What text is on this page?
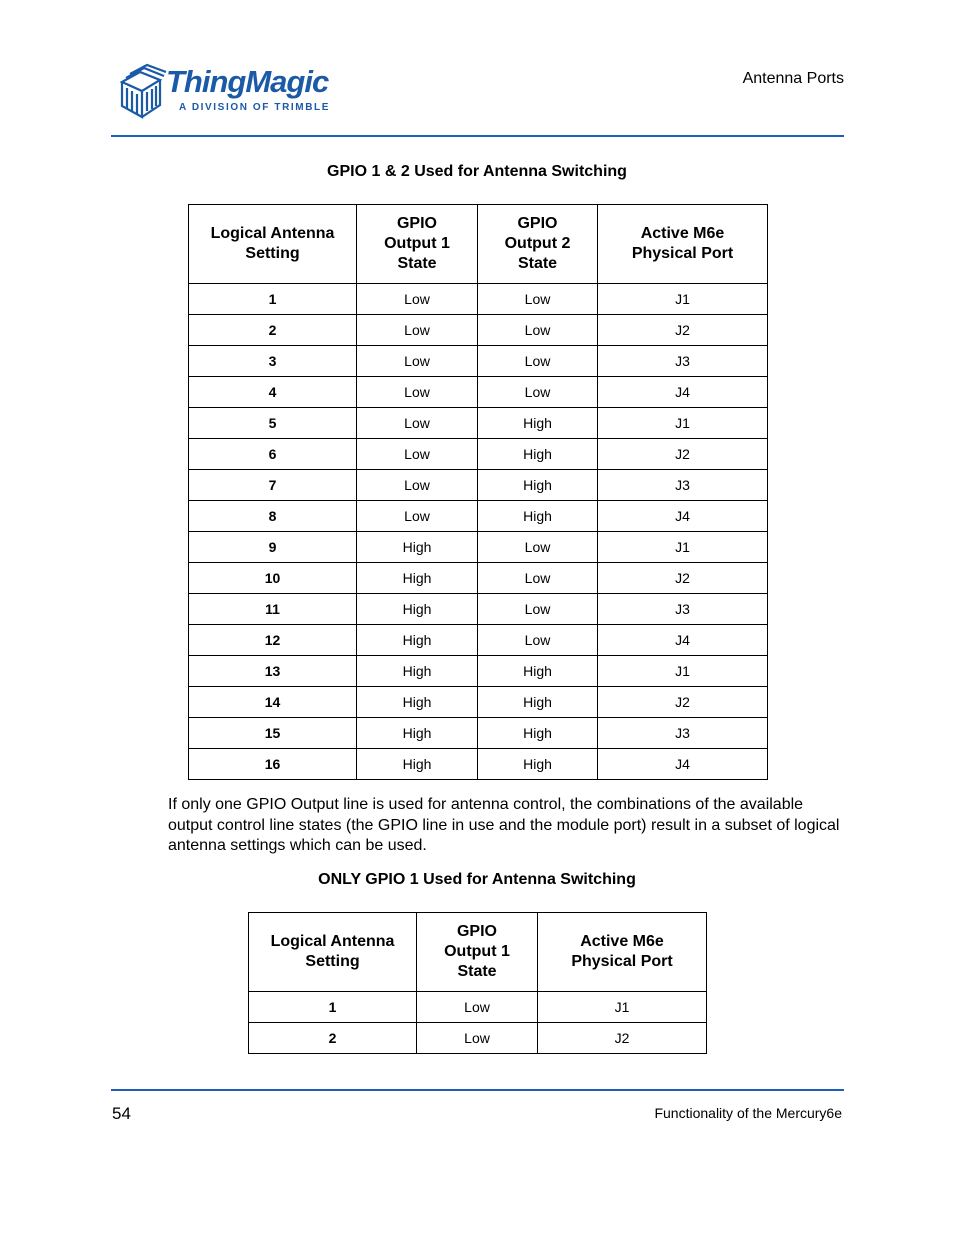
ThingMagic
A DIVISION OF TRIMBLE
Antenna Ports
GPIO 1 & 2 Used for Antenna Switching
Logical Antenna Setting	GPIO Output 1 State	GPIO Output 2 State	Active M6e Physical Port
1	Low	Low	J1
2	Low	Low	J2
3	Low	Low	J3
4	Low	Low	J4
5	Low	High	J1
6	Low	High	J2
7	Low	High	J3
8	Low	High	J4
9	High	Low	J1
10	High	Low	J2
11	High	Low	J3
12	High	Low	J4
13	High	High	J1
14	High	High	J2
15	High	High	J3
16	High	High	J4

If only one GPIO Output line is used for antenna control, the combinations of the available output control line states (the GPIO line in use and the module port) result in a subset of logical antenna settings which can be used.

ONLY GPIO 1 Used for Antenna Switching
Logical Antenna Setting	GPIO Output 1 State	Active M6e Physical Port
1	Low	J1
2	Low	J2
54	Functionality of the Mercury6e
